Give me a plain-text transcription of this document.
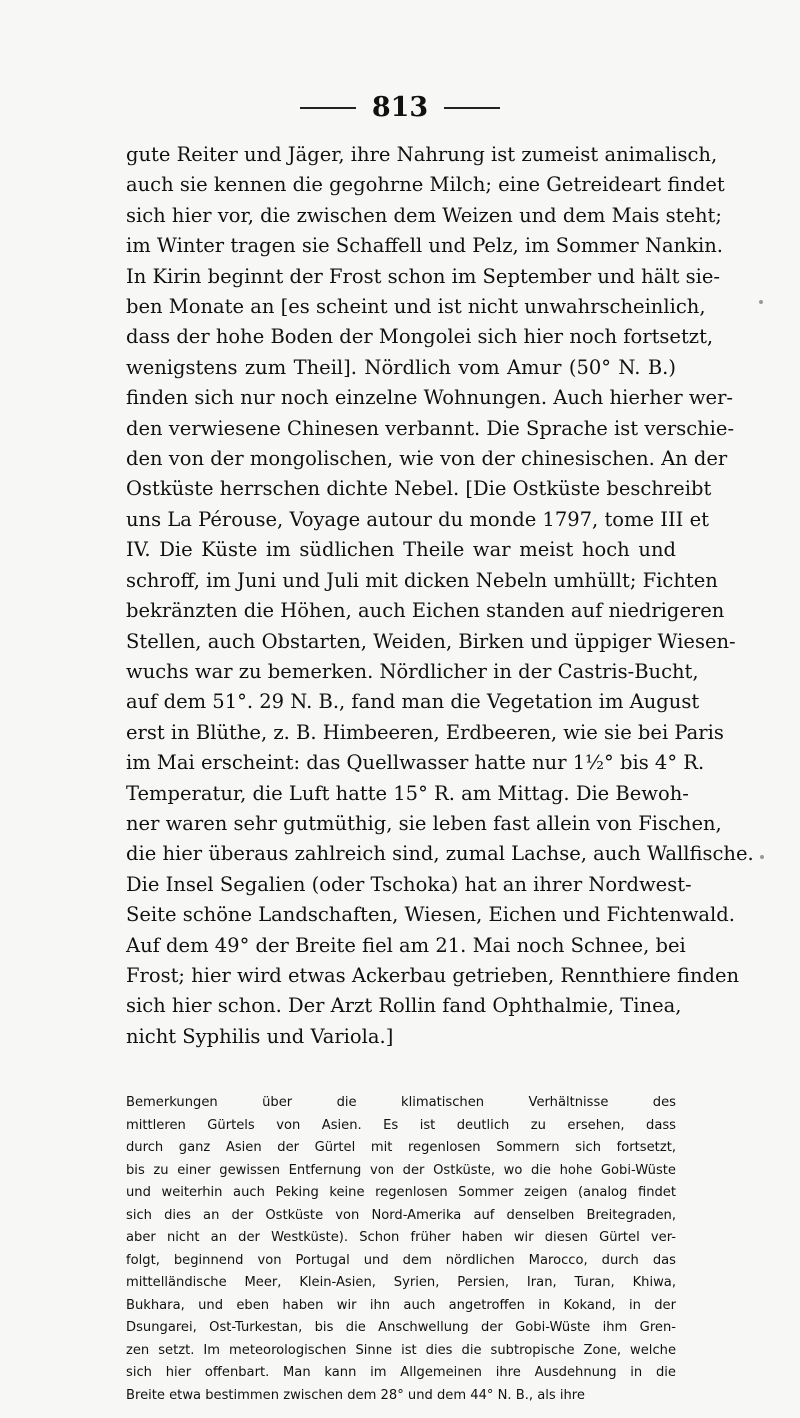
813
gute Reiter und Jäger, ihre Nahrung ist zumeist animalisch,
auch sie kennen die gegohrne Milch; eine Getreideart findet
sich hier vor, die zwischen dem Weizen und dem Mais steht;
im Winter tragen sie Schaffell und Pelz, im Sommer Nankin.
In Kirin beginnt der Frost schon im September und hält sie-
ben Monate an [es scheint und ist nicht unwahrscheinlich,
dass der hohe Boden der Mongolei sich hier noch fortsetzt,
wenigstens zum Theil]. Nördlich vom Amur (50° N. B.)
finden sich nur noch einzelne Wohnungen. Auch hierher wer-
den verwiesene Chinesen verbannt. Die Sprache ist verschie-
den von der mongolischen, wie von der chinesischen. An der
Ostküste herrschen dichte Nebel. [Die Ostküste beschreibt
uns La Pérouse, Voyage autour du monde 1797, tome III et
IV. Die Küste im südlichen Theile war meist hoch und
schroff, im Juni und Juli mit dicken Nebeln umhüllt; Fichten
bekränzten die Höhen, auch Eichen standen auf niedrigeren
Stellen, auch Obstarten, Weiden, Birken und üppiger Wiesen-
wuchs war zu bemerken. Nördlicher in der Castris-Bucht,
auf dem 51°. 29 N. B., fand man die Vegetation im August
erst in Blüthe, z. B. Himbeeren, Erdbeeren, wie sie bei Paris
im Mai erscheint: das Quellwasser hatte nur 1½° bis 4° R.
Temperatur, die Luft hatte 15° R. am Mittag. Die Bewoh-
ner waren sehr gutmüthig, sie leben fast allein von Fischen,
die hier überaus zahlreich sind, zumal Lachse, auch Wallfische.
Die Insel Segalien (oder Tschoka) hat an ihrer Nordwest-
Seite schöne Landschaften, Wiesen, Eichen und Fichtenwald.
Auf dem 49° der Breite fiel am 21. Mai noch Schnee, bei
Frost; hier wird etwas Ackerbau getrieben, Rennthiere finden
sich hier schon. Der Arzt Rollin fand Ophthalmie, Tinea,
nicht Syphilis und Variola.]
Bemerkungen über die klimatischen Verhältnisse des
mittleren Gürtels von Asien. Es ist deutlich zu ersehen, dass
durch ganz Asien der Gürtel mit regenlosen Sommern sich fortsetzt,
bis zu einer gewissen Entfernung von der Ostküste, wo die hohe Gobi-Wüste
und weiterhin auch Peking keine regenlosen Sommer zeigen (analog findet
sich dies an der Ostküste von Nord-Amerika auf denselben Breitegraden,
aber nicht an der Westküste). Schon früher haben wir diesen Gürtel ver-
folgt, beginnend von Portugal und dem nördlichen Marocco, durch das
mittelländische Meer, Klein-Asien, Syrien, Persien, Iran, Turan, Khiwa,
Bukhara, und eben haben wir ihn auch angetroffen in Kokand, in der
Dsungarei, Ost-Turkestan, bis die Anschwellung der Gobi-Wüste ihm Gren-
zen setzt. Im meteorologischen Sinne ist dies die subtropische Zone, welche
sich hier offenbart. Man kann im Allgemeinen ihre Ausdehnung in die
Breite etwa bestimmen zwischen dem 28° und dem 44° N. B., als ihre
